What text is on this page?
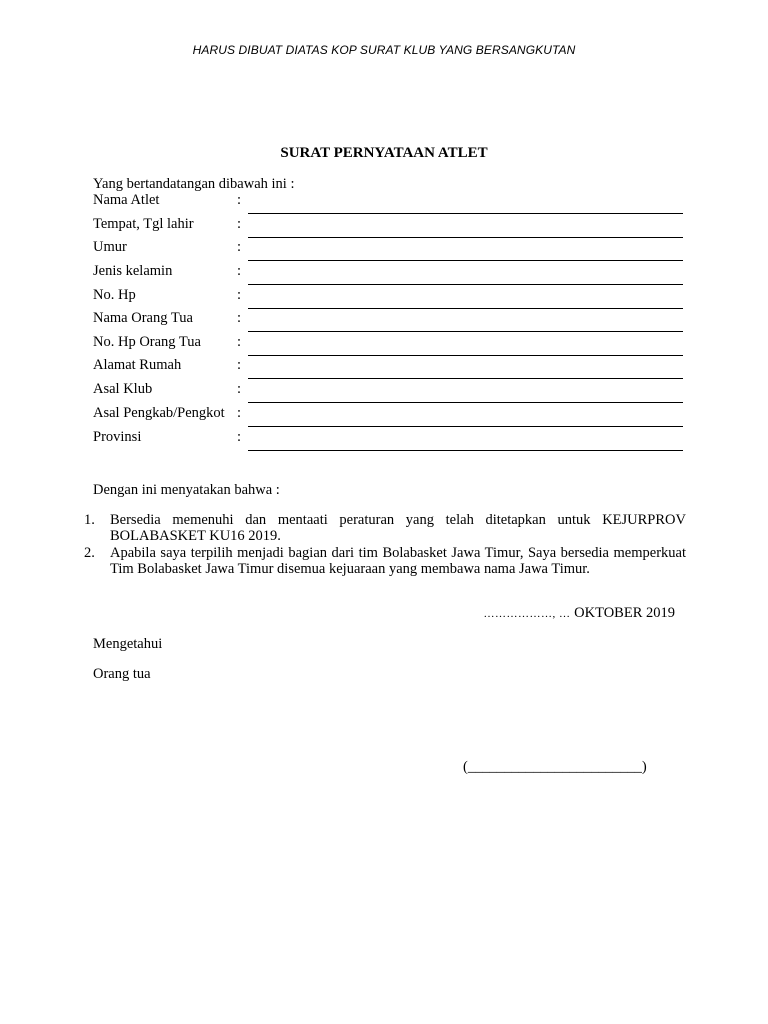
HARUS DIBUAT DIATAS KOP SURAT KLUB YANG BERSANGKUTAN
SURAT PERNYATAAN ATLET
Yang bertandatangan dibawah ini :
Nama Atlet	:
Tempat, Tgl lahir	:
Umur	:
Jenis kelamin	:
No. Hp	:
Nama Orang Tua	:
No. Hp Orang Tua :
Alamat Rumah	:
Asal Klub	:
Asal Pengkab/Pengkot :
Provinsi	:
Dengan ini menyatakan bahwa :
1. Bersedia memenuhi dan mentaati peraturan yang telah ditetapkan untuk KEJURPROV BOLABASKET KU16 2019.
2. Apabila saya terpilih menjadi bagian dari tim Bolabasket Jawa Timur, Saya bersedia memperkuat Tim Bolabasket Jawa Timur disemua kejuaraan yang membawa nama Jawa Timur.
………………, … OKTOBER 2019
Mengetahui
Orang tua
(________________________)
